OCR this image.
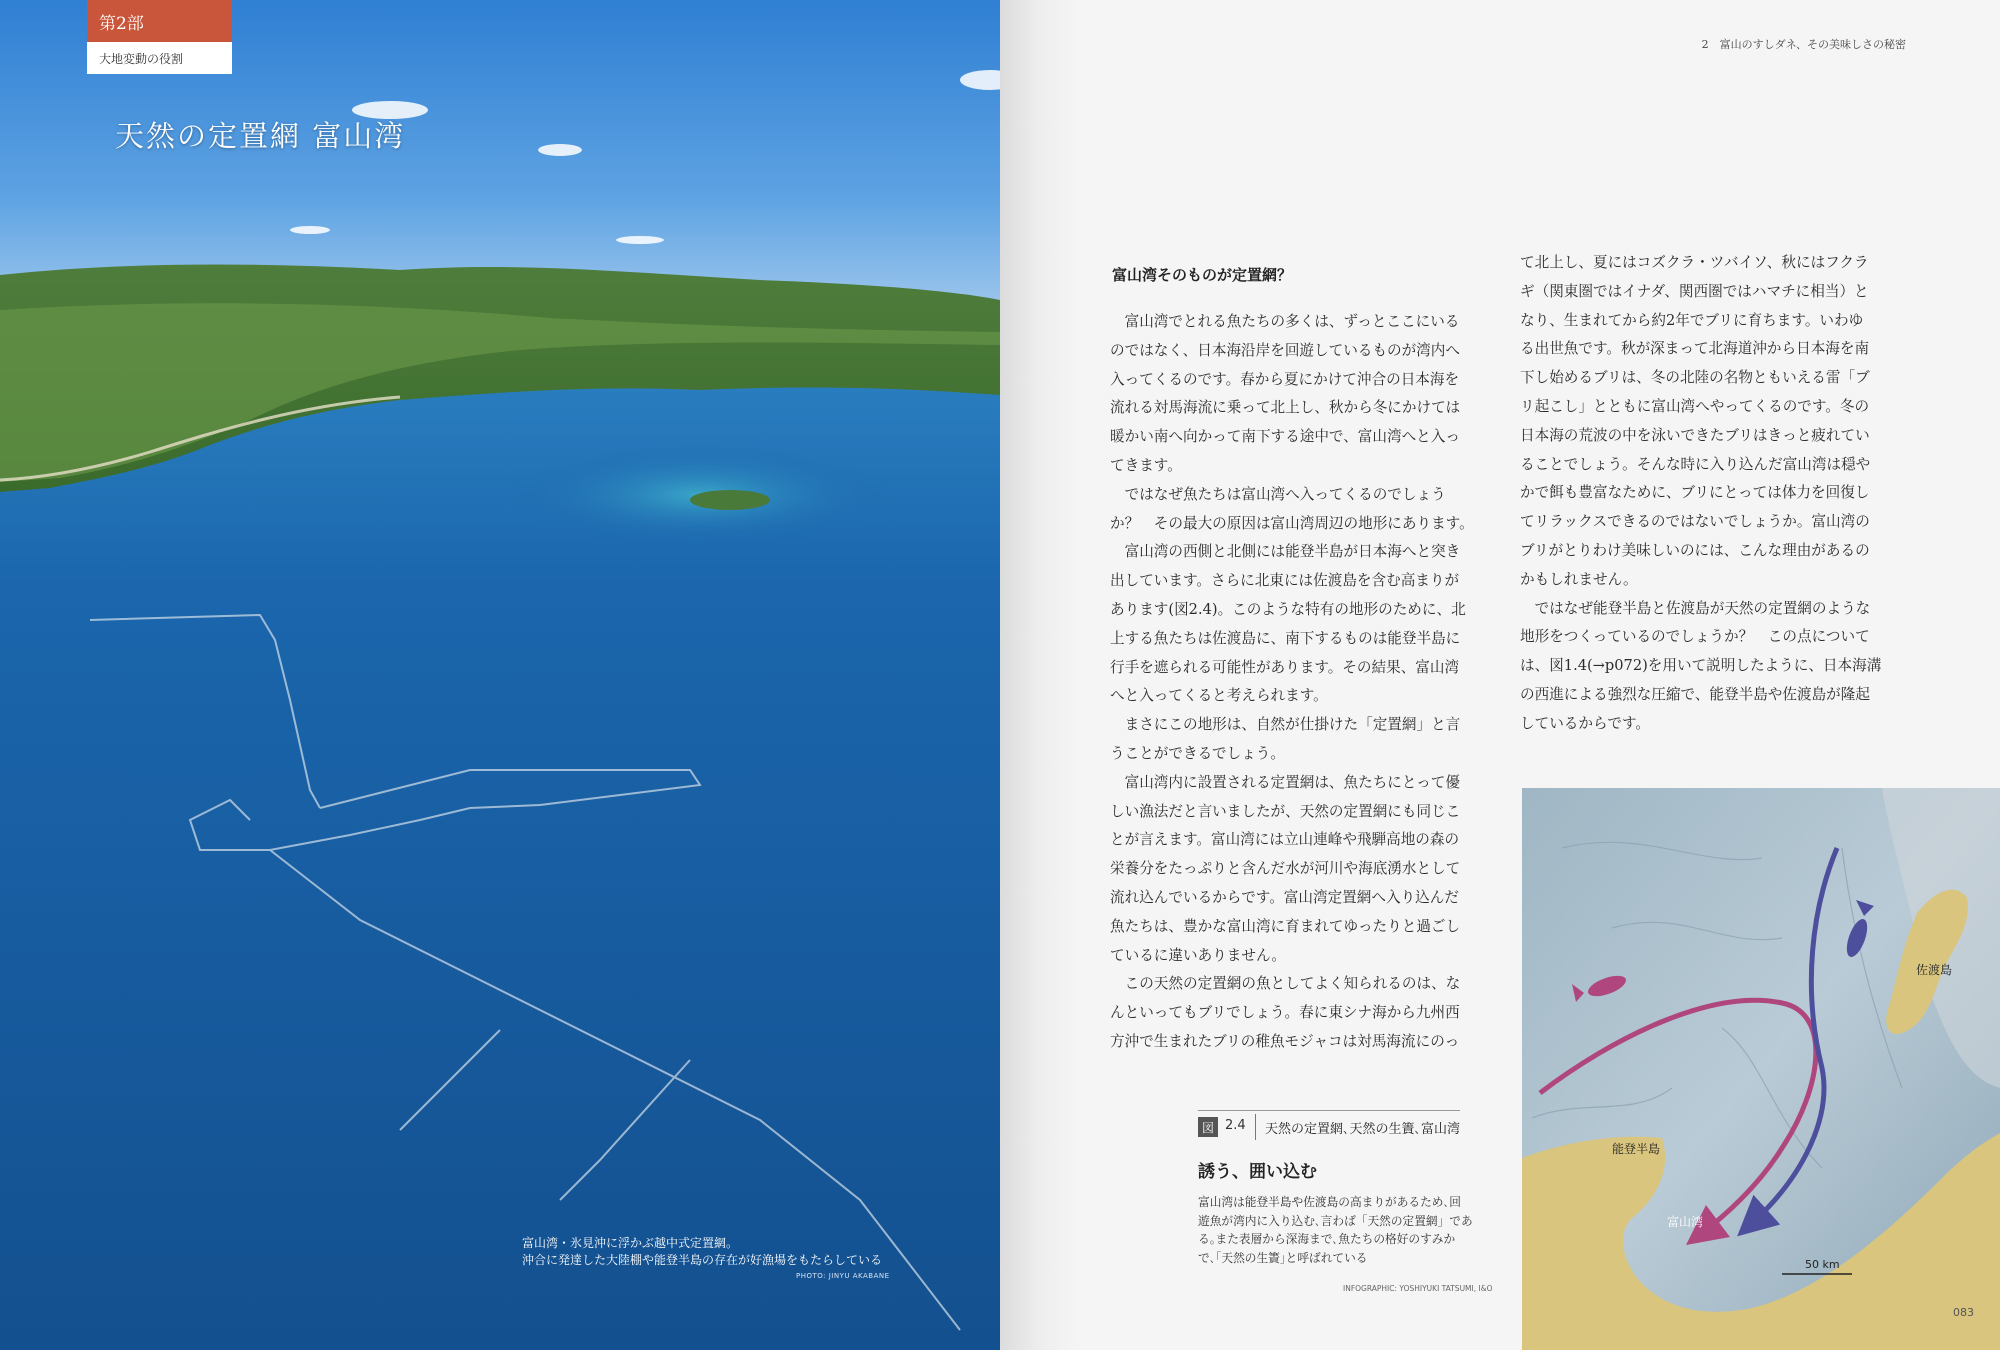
第2部
大地変動の役割
天然の定置網 富山湾
富山湾・氷見沖に浮かぶ越中式定置網。
沖合に発達した大陸棚や能登半島の存在が好漁場をもたらしている
PHOTO: JINYU AKABANE
2　富山のすしダネ、その美味しさの秘密
富山湾そのものが定置網？
　富山湾でとれる魚たちの多くは、ずっとここにいる
のではなく、日本海沿岸を回遊しているものが湾内へ
入ってくるのです。春から夏にかけて沖合の日本海を
流れる対馬海流に乗って北上し、秋から冬にかけては
暖かい南へ向かって南下する途中で、富山湾へと入っ
てきます。
　ではなぜ魚たちは富山湾へ入ってくるのでしょう
か？　その最大の原因は富山湾周辺の地形にあります。
　富山湾の西側と北側には能登半島が日本海へと突き
出しています。さらに北東には佐渡島を含む高まりが
あります(図2.4)。このような特有の地形のために、北
上する魚たちは佐渡島に、南下するものは能登半島に
行手を遮られる可能性があります。その結果、富山湾
へと入ってくると考えられます。
　まさにこの地形は、自然が仕掛けた「定置網」と言
うことができるでしょう。
　富山湾内に設置される定置網は、魚たちにとって優
しい漁法だと言いましたが、天然の定置網にも同じこ
とが言えます。富山湾には立山連峰や飛騨高地の森の
栄養分をたっぷりと含んだ水が河川や海底湧水として
流れ込んでいるからです。富山湾定置網へ入り込んだ
魚たちは、豊かな富山湾に育まれてゆったりと過ごし
ているに違いありません。
　この天然の定置網の魚としてよく知られるのは、な
んといってもブリでしょう。春に東シナ海から九州西
方沖で生まれたブリの稚魚モジャコは対馬海流にのっ
て北上し、夏にはコズクラ・ツバイソ、秋にはフクラ
ギ（関東圏ではイナダ、関西圏ではハマチに相当）と
なり、生まれてから約2年でブリに育ちます。いわゆ
る出世魚です。秋が深まって北海道沖から日本海を南
下し始めるブリは、冬の北陸の名物ともいえる雷「ブ
リ起こし」とともに富山湾へやってくるのです。冬の
日本海の荒波の中を泳いできたブリはきっと疲れてい
ることでしょう。そんな時に入り込んだ富山湾は穏や
かで餌も豊富なために、ブリにとっては体力を回復し
てリラックスできるのではないでしょうか。富山湾の
ブリがとりわけ美味しいのには、こんな理由があるの
かもしれません。
　ではなぜ能登半島と佐渡島が天然の定置網のような
地形をつくっているのでしょうか？　この点について
は、図1.4(→p072)を用いて説明したように、日本海溝
の西進による強烈な圧縮で、能登半島や佐渡島が隆起
しているからです。
図 2.4 天然の定置網､天然の生簀､富山湾
誘う、囲い込む
富山湾は能登半島や佐渡島の高まりがあるため､回
遊魚が湾内に入り込む､言わば「天然の定置網」であ
る｡また表層から深海まで､魚たちの格好のすみか
で､｢天然の生簀｣と呼ばれている
INFOGRAPHIC: YOSHIYUKI TATSUMI, I&O
佐渡島
能登半島
富山湾
50 km
083
